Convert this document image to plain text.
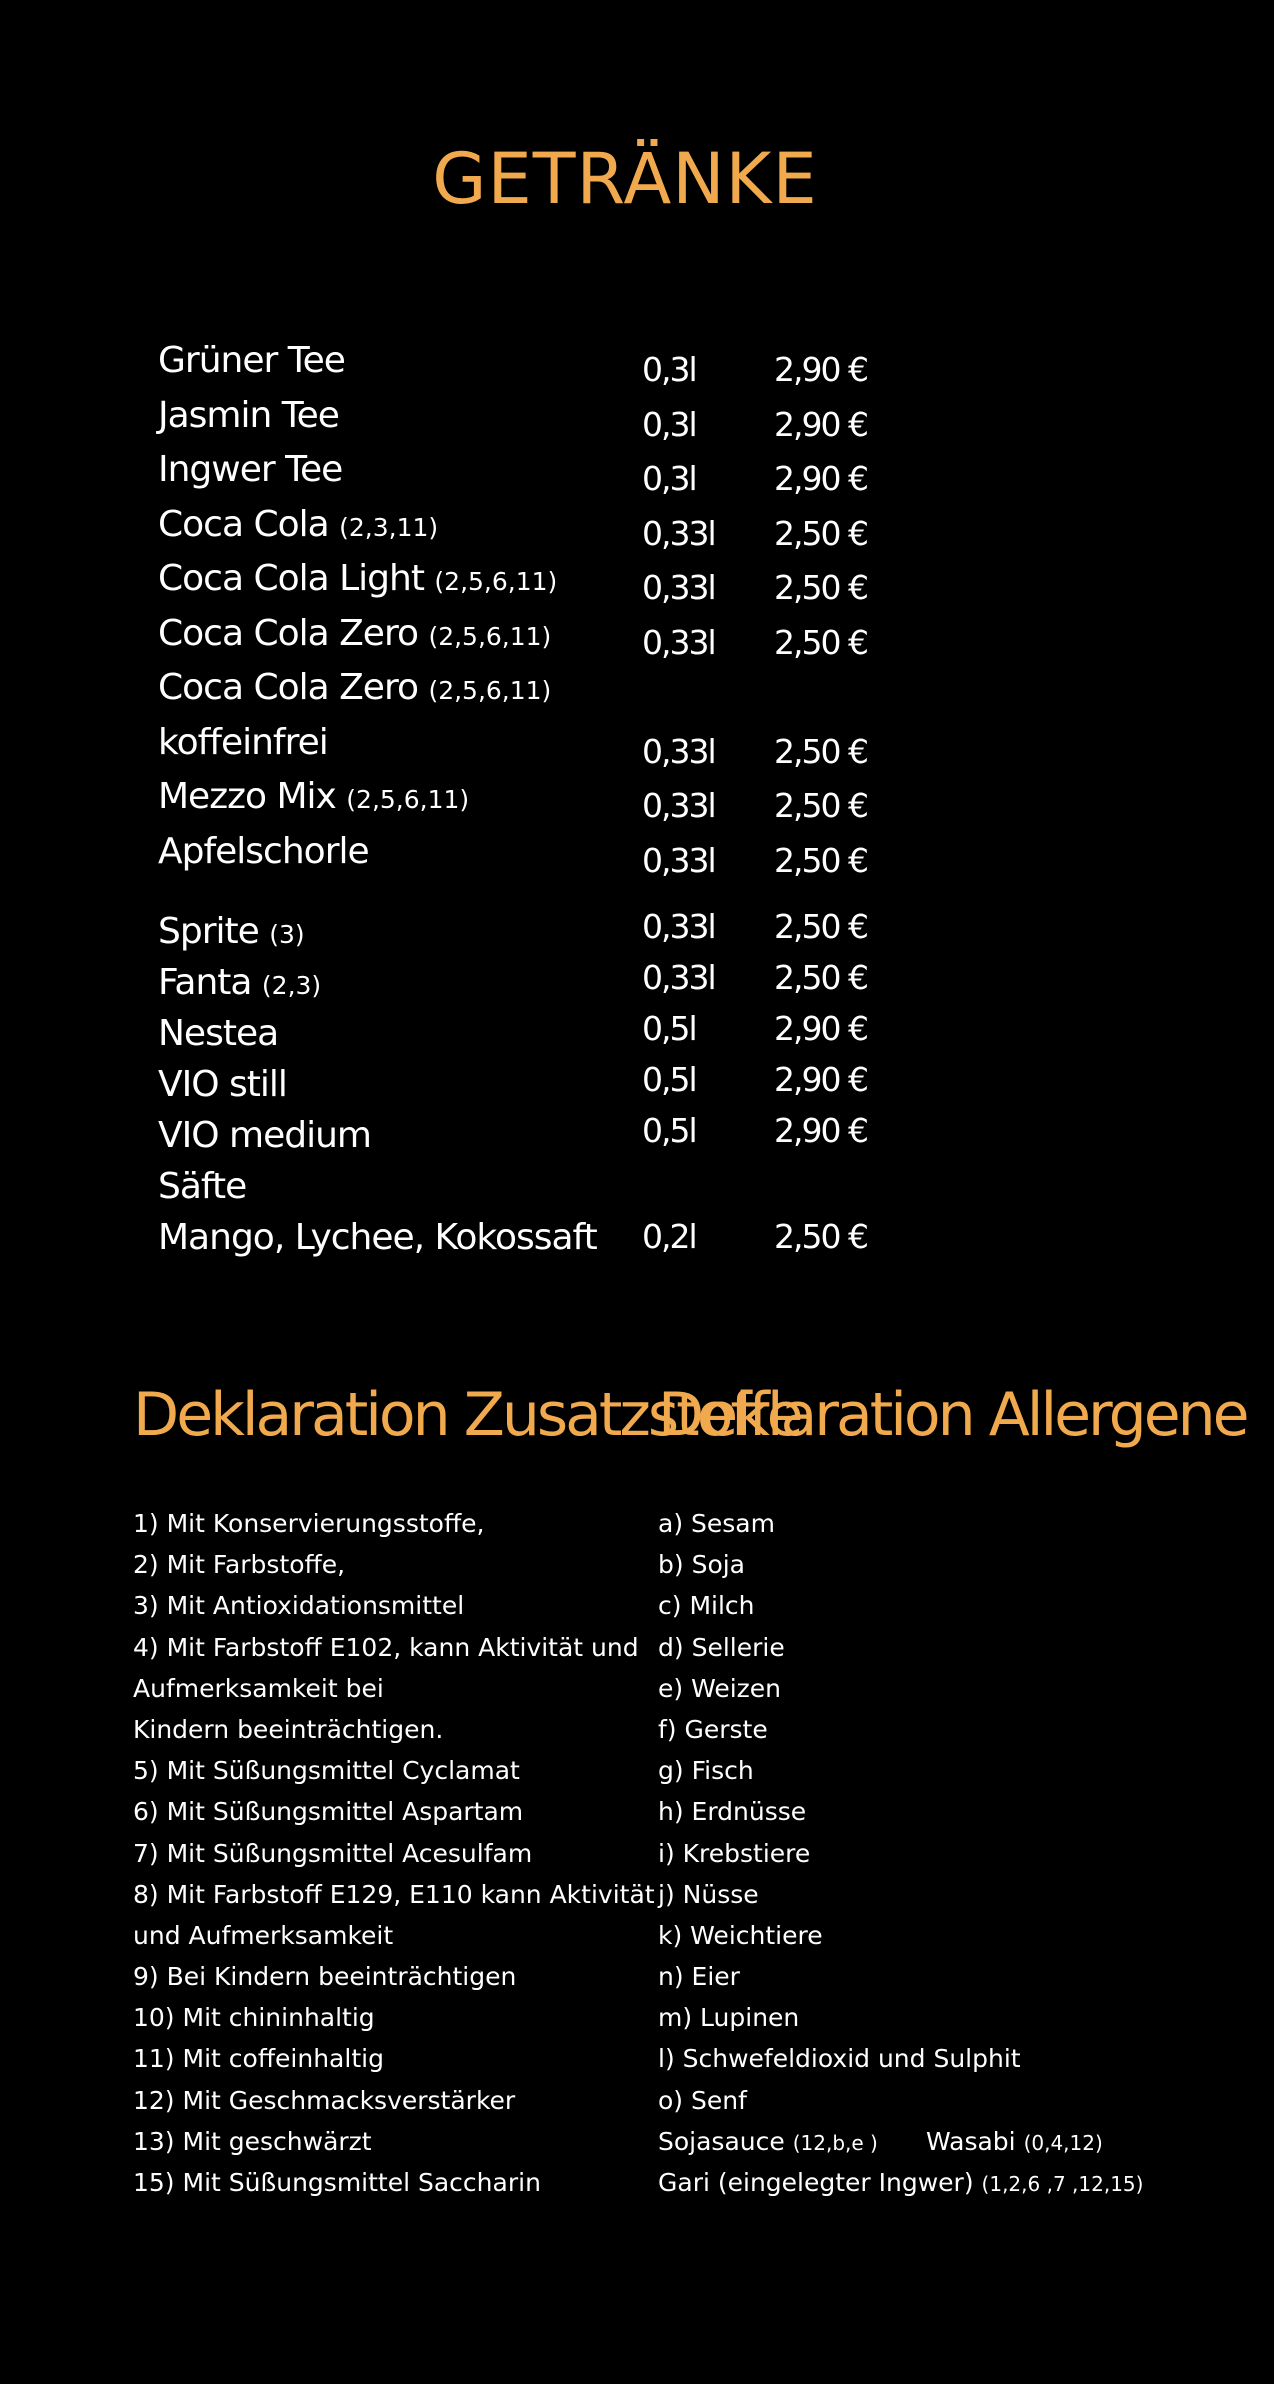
GETRÄNKE
Grüner Tee	0,3l 2,90 €
Jasmin Tee	0,3l 2,90 €
Ingwer Tee	0,3l 2,90 €
Coca Cola (2,3,11)	0,33l 2,50 €
Coca Cola Light (2,5,6,11)	0,33l 2,50 €
Coca Cola Zero (2,5,6,11)	0,33l 2,50 €
Coca Cola Zero (2,5,6,11)
koffeinfrei	0,33l 2,50 €
Mezzo Mix (2,5,6,11)	0,33l 2,50 €
Apfelschorle	0,33l 2,50 €
Sprite (3)	0,33l 2,50 €
Fanta (2,3)	0,33l 2,50 €
Nestea	0,5l 2,90 €
VIO still	0,5l 2,90 €
VIO medium	0,5l 2,90 €
Säfte
Mango, Lychee, Kokossaft 0,2l 2,50 €
Deklaration Zusatzstoffe
Deklaration Allergene
1) Mit Konservierungsstoffe,
2) Mit Farbstoffe,
3) Mit Antioxidationsmittel
4) Mit Farbstoff E102, kann Aktivität und
Aufmerksamkeit bei
Kindern beeinträchtigen.
5) Mit Süßungsmittel Cyclamat
6) Mit Süßungsmittel Aspartam
7) Mit Süßungsmittel Acesulfam
8) Mit Farbstoff E129, E110 kann Aktivität
und Aufmerksamkeit
9) Bei Kindern beeinträchtigen
10) Mit chininhaltig
11) Mit coffeinhaltig
12) Mit Geschmacksverstärker
13) Mit geschwärzt
15) Mit Süßungsmittel Saccharin
a) Sesam
b) Soja
c) Milch
d) Sellerie
e) Weizen
f) Gerste
g) Fisch
h) Erdnüsse
i) Krebstiere
j) Nüsse
k) Weichtiere
n) Eier
m) Lupinen
l) Schwefeldioxid und Sulphit
o) Senf
Sojasauce (12,b,e ) Wasabi (0,4,12)
Gari (eingelegter Ingwer) (1,2,6 ,7 ,12,15)
